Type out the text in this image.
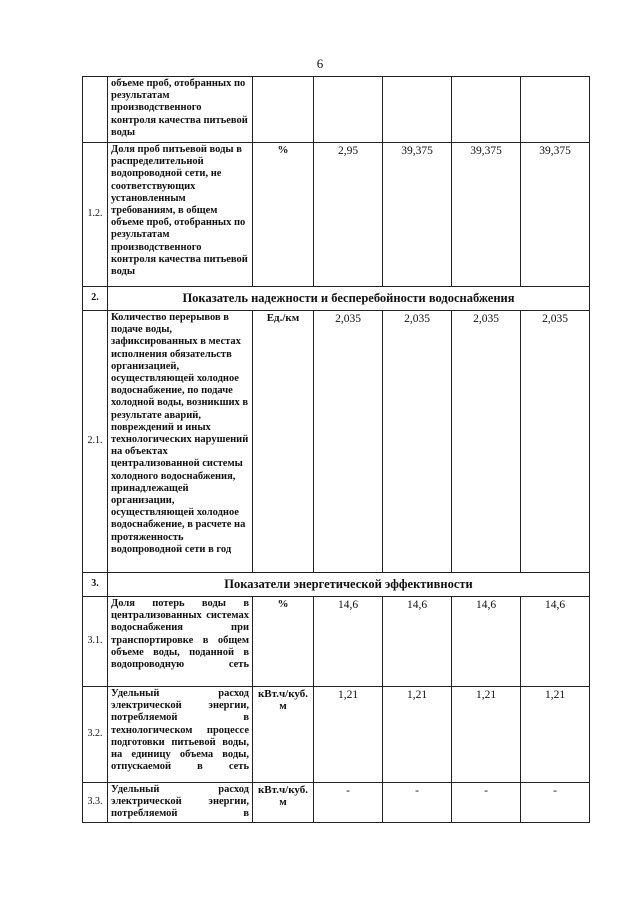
6
	объеме проб, отобранных по результатам производственного контроля качества питьевой воды					
1.2.	Доля проб питьевой воды в распределительной водопроводной сети, не соответствующих установленным требованиям, в общем объеме проб, отобранных по результатам производственного контроля качества питьевой воды	%	2,95	39,375	39,375	39,375
2.	Показатель надежности и бесперебойности водоснабжения					
2.1.	Количество перерывов в подаче воды, зафиксированных в местах исполнения обязательств организацией, осуществляющей холодное водоснабжение, по подаче холодной воды, возникших в результате аварий, повреждений и иных технологических нарушений на объектах централизованной системы холодного водоснабжения, принадлежащей организации, осуществляющей холодное водоснабжение, в расчете на протяженность водопроводной сети в год	Ед./км	2,035	2,035	2,035	2,035
3.	Показатели энергетической эффективности					
3.1.	Доля потерь воды в централизованных системах водоснабжения при транспортировке в общем объеме воды, поданной в водопроводную сеть	%	14,6	14,6	14,6	14,6
3.2.	Удельный расход электрической энергии, потребляемой в технологическом процессе подготовки питьевой воды, на единицу объема воды, отпускаемой в сеть	кВт.ч/куб. м	1,21	1,21	1,21	1,21
3.3.	Удельный расход электрической энергии, потребляемой в	кВт.ч/куб. м	-	-	-	-
